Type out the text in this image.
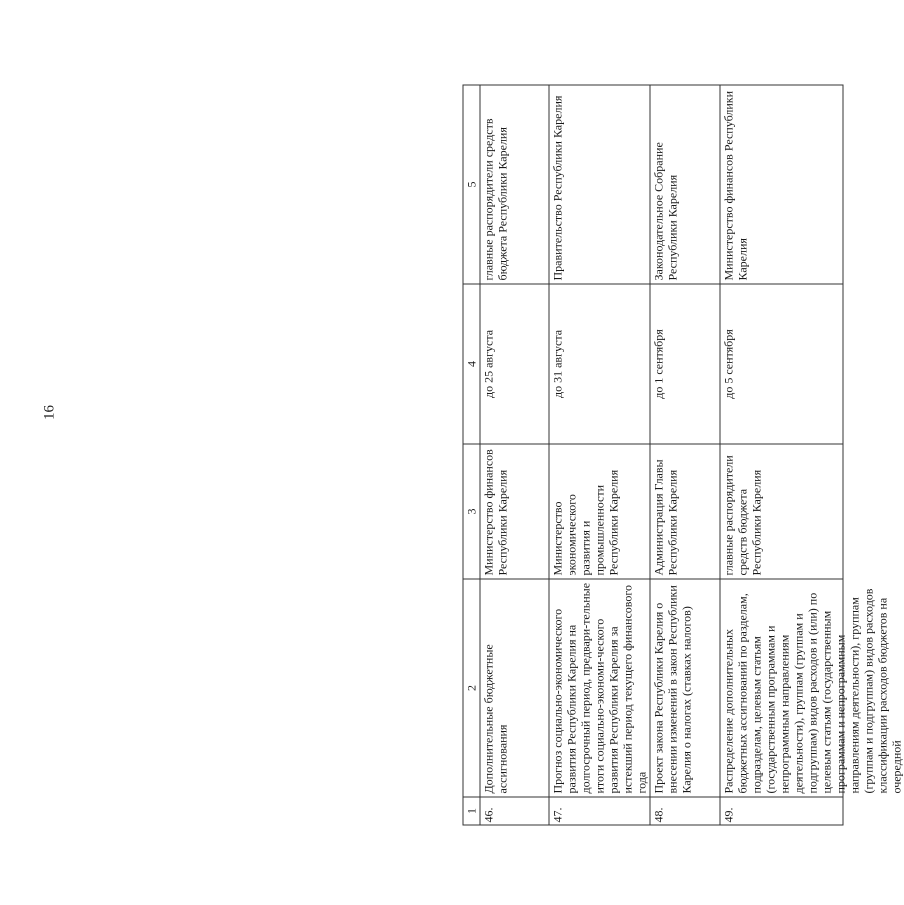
16
1	2	3	4	5
46.	Дополнительные бюджетные ассигнования	Министерство финансов Республики Карелия	до 25 августа	главные распорядители средств бюджета Республики Карелия
47.	Прогноз социально-экономического развития Республики Карелия на долгосрочный период, предвари-тельные итоги социально-экономи-ческого развития Республики Карелия за истекший период текущего финансового года	Министерство экономического развития и промышленности Республики Карелия	до 31 августа	Правительство Республики Карелия
48.	Проект закона Республики Карелия о внесении изменений в закон Республики Карелия о налогах (ставках налогов)	Администрация Главы Республики Карелия	до 1 сентября	Законодательное Собрание Республики Карелия
49.	Распределение дополнительных бюджетных ассигнований по разделам, подразделам, целевым статьям (государственным программам и непрограммным направлениям деятельности), группам (группам и подгруппам) видов расходов и (или) по целевым статьям (государственным программам и непрограммным направлениям деятельности), группам (группам и подгруппам) видов расходов классификации расходов бюджетов на очередной	главные распорядители средств бюджета Республики Карелия	до 5 сентября	Министерство финансов Республики Карелия
